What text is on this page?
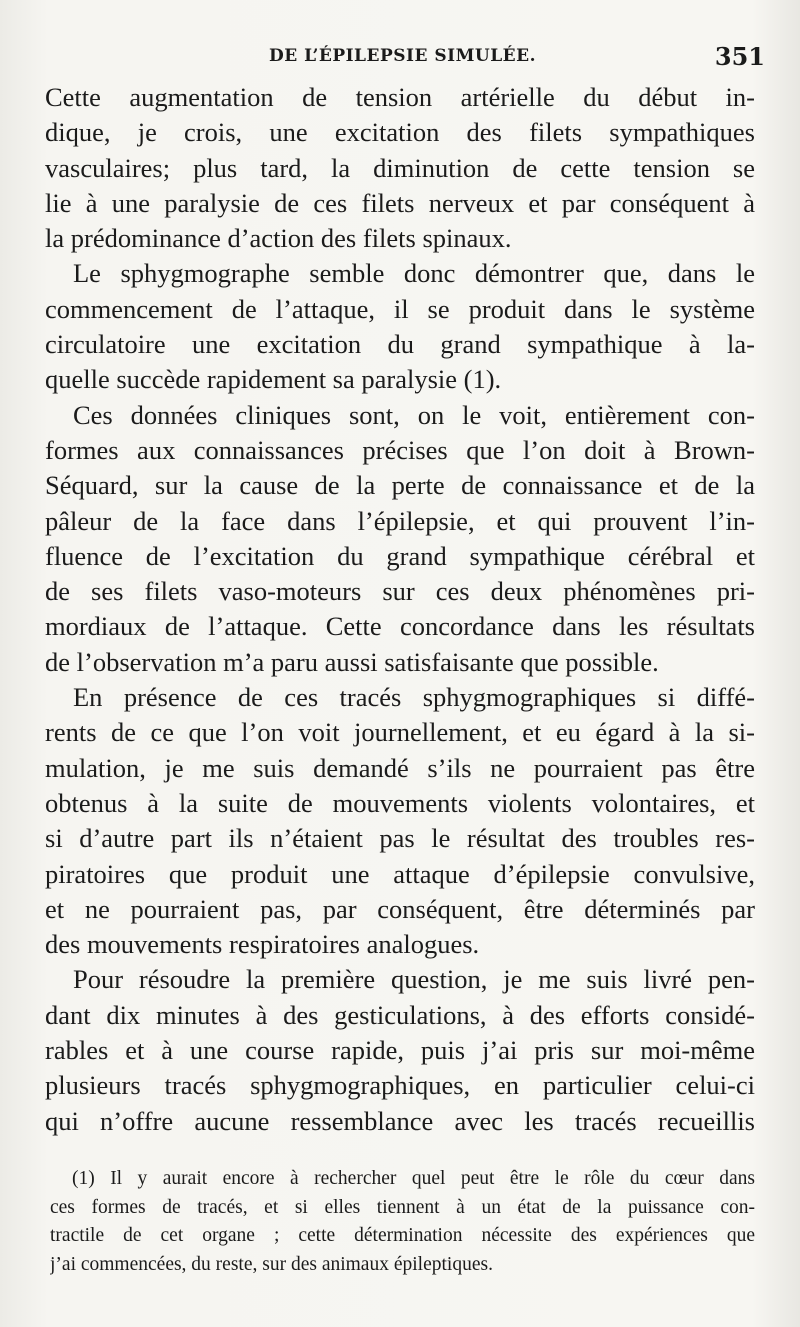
DE L’ÉPILEPSIE SIMULÉE.	351
Cette augmentation de tension artérielle du début in-
dique, je crois, une excitation des filets sympathiques
vasculaires; plus tard, la diminution de cette tension se
lie à une paralysie de ces filets nerveux et par conséquent à
la prédominance d’action des filets spinaux.
Le sphygmographe semble donc démontrer que, dans le
commencement de l’attaque, il se produit dans le système
circulatoire une excitation du grand sympathique à la-
quelle succède rapidement sa paralysie (1).
Ces données cliniques sont, on le voit, entièrement con-
formes aux connaissances précises que l’on doit à Brown-
Séquard, sur la cause de la perte de connaissance et de la
pâleur de la face dans l’épilepsie, et qui prouvent l’in-
fluence de l’excitation du grand sympathique cérébral et
de ses filets vaso-moteurs sur ces deux phénomènes pri-
mordiaux de l’attaque. Cette concordance dans les résultats
de l’observation m’a paru aussi satisfaisante que possible.
En présence de ces tracés sphygmographiques si diffé-
rents de ce que l’on voit journellement, et eu égard à la si-
mulation, je me suis demandé s’ils ne pourraient pas être
obtenus à la suite de mouvements violents volontaires, et
si d’autre part ils n’étaient pas le résultat des troubles res-
piratoires que produit une attaque d’épilepsie convulsive,
et ne pourraient pas, par conséquent, être déterminés par
des mouvements respiratoires analogues.
Pour résoudre la première question, je me suis livré pen-
dant dix minutes à des gesticulations, à des efforts considé-
rables et à une course rapide, puis j’ai pris sur moi-même
plusieurs tracés sphygmographiques, en particulier celui-ci
qui n’offre aucune ressemblance avec les tracés recueillis
(1) Il y aurait encore à rechercher quel peut être le rôle du cœur dans
ces formes de tracés, et si elles tiennent à un état de la puissance con-
tractile de cet organe ; cette détermination nécessite des expériences que
j’ai commencées, du reste, sur des animaux épileptiques.
